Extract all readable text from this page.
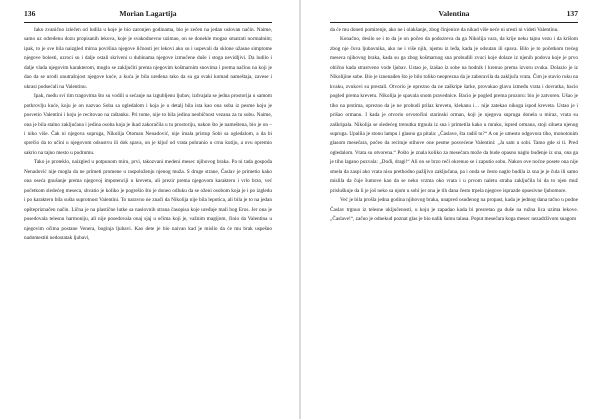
136	Morian Lagartija

Iako zvanično izlečen od ludila u koje je bio zaronjen godinama, bio je zečen na jedan uslovan način. Naime, samo uz određenu dozu propisanih lekova, koje je svakodnevno uzimao, on se donekle mogao smatrati normalnim; ipak, to je sve bila naizgled mirna površina njegove ličnosti jer lekovi ako su i uspevali da sklone užasne simptome njegove bolesti, uzroci su i dalje ostali skriveni u dubinama njegove izmučene duše i stoga nevidljivi. Da ludilo i dalje vlada njegovim karakterom, moglo se zaključiti prema njegovim košmarnim snovima i prema načinu na koji je dao da se urodi unutrašnjost njegove kuće, a kuća je bila uređena tako da su ga svaki komad nameštaja, zavese i ukrasi podsećali na Valentinu.

Ipak, među svi tim tragovima što su vodili u sećanje na izgubljenu ljubav, izdvajala se jedna prostorija u samom potkrovlju kuće, koju je on nazvao Soba sa ogledalom i koja je u detalj bila ista kao ona soba iz pesme koju je posvetio Valentini i koju je recitovao na raštanku. Pri tome, nije to bila jedina neobičnost vezana za tu sobu. Naime, ona je bila stalno zaključana i jedina osoba koja je ikad zakoračila u tu prostoriju, nakon što je nameštena, bio je on – i niko više. Čak ni njegova supruga, Nikolija Otoman Nenadović, nije imala pristup Sobi sa ogledalom, a da bi sprečio da to učini u njegovom odsustvu ili dok spava, on je ključ od vrata pohranio u crnu kutiju, a ovu opremio sakrio na tajno mesto u podrumu.

Tako je proteklo, naizgled u potpunom miru, prvi, takozvani medeni mesec njihovog braka. Pa ni tada gospođa Nenadović nije mogla da ne primeti promene u raspoloženju njenog muža. S druge strane, Časlav je primetio kako ona oseća gnušanje prema njegovoj impotenciji u krevetu, ali prezir prema njegovom karakteru i vrlo brzo, već početkom sledećeg meseca, shvatio je koliko je pogrešio što je doneo odluku da se oženi osobom koja je i po izgledu i po karakteru bila sušta suprotnost Valentini. To naravno ne znači da Nikolija nije bila lepotica, ali bila je to na jedan opštepriznačen način. Lična je na plastične lutke sa naslovnih strana časopisa koje uređuje mali bog Eros. Jer ona je posedovala telesnu harmoniju, ali nije posedovala onaj sjaj u očima koji je, važnim magijom, činio da Valentina u njegovim očima postane Venera, boginja ljubavi. Kao dete je bio naivan kad je mislio da će mu brak uspešno nadomestiti nedostatak ljubavi,

Valentina	137

da će mu doneti pomirenje, ako ne i olakšanje, zbog činjenice da nikad više neće ni sresti ni videti Valentinu.

Konačno, desilo se i to da je on počeo da podozreva da ga Nikolija vara, da krije neku tajnu vezu i da krišom zbog nje čuva ljubavnika, ako ne i više njih, njemu iz leđa, kada je odsutan ili spava. Bilo je to početkom trećeg meseca njihovog braka, kada su ga zbog košmarnog sna probudili zvuci koje dolaze iz njenih podova koje je prvo obično kada strastveno vode ljubav. Ustao je, izašao iz sobe na hodnik i krenuo prema izvoru zvuka. Dolazio je iz Nikolijine sobe. Bio je iznenađen što je bilo toliko neoprezna da je zaboravila da zaključa vrata. Čim je stavio ruku na kvaku, zvukovi su prestali. Otvorio je oprezno da ne zaškripe šarke, provukao glavu između vrata i dovratka, bacio pogled prema krevetu. Nikolija je spavala snom pravednice. Bacio je pogled prema prozoru: bio je zatvoren. Ušao je tiho na prstima, oprezno da je ne probudi prilaz krevetu, klekanu i… nije zatekao nikoga ispod kreveta. Ustao je i prišao ormanu. I kada je otvorio orvotočini starinski orman, koji je njegova supruga donela u miraz, vrata su zaškripala. Nikolija se sledećeg trenutka trgnula iz sna i primetila kako u mraku, ispred ormana, stoji silueta njenog supruga. Upalila je stonu lampu i glasno ga pitala: „Časlave, šta radiš tu?“ A on je umesto odgovora tiho, monotonim glasom mesečara, počeo da recituje stihove one pesme posvećene Valentini: „Ja sam u sobi. Tamo gde si ti. Pred ogledalom. Vrata su otvorena.“ Pošto je znala koliko za mesečara može da bude opasno naglo buđenje iz sna, ona ga je tiho lagano pozvala: „Dođi, dragi!“ Ali on se brzo reči okrenuo se i zaputio sobu. Nakon ove noćne posete ona nije smela da zaspi ako vrata nisu prethodno pažljivo zaključana, pa i onda se često naglo budila iz sna je je čula ili samo mislila da čuje šumove kao da se neko vrzma oko vrata i u prvom naletu straha zaključila bi da to njen muž prisluškuje da li je još neko sa njom u sobi jer ona je tih dana često trpela njegove isprazde opsesivne ljubomore.

Već je bila prošla jedna godina njihovog braka, unapred osuđenog na propast, kada je jednog dana tačno u podne Časlav trgnuo iz telesne uključenosti, u koju je zapadao kada bi presretao ga duše na ružna lica uzima lekove. „Časlave!“, začuo je odnekud poznat glas je bio nalik šumu talasa. Poput mesečara koga mesec nezadrživom snagom
